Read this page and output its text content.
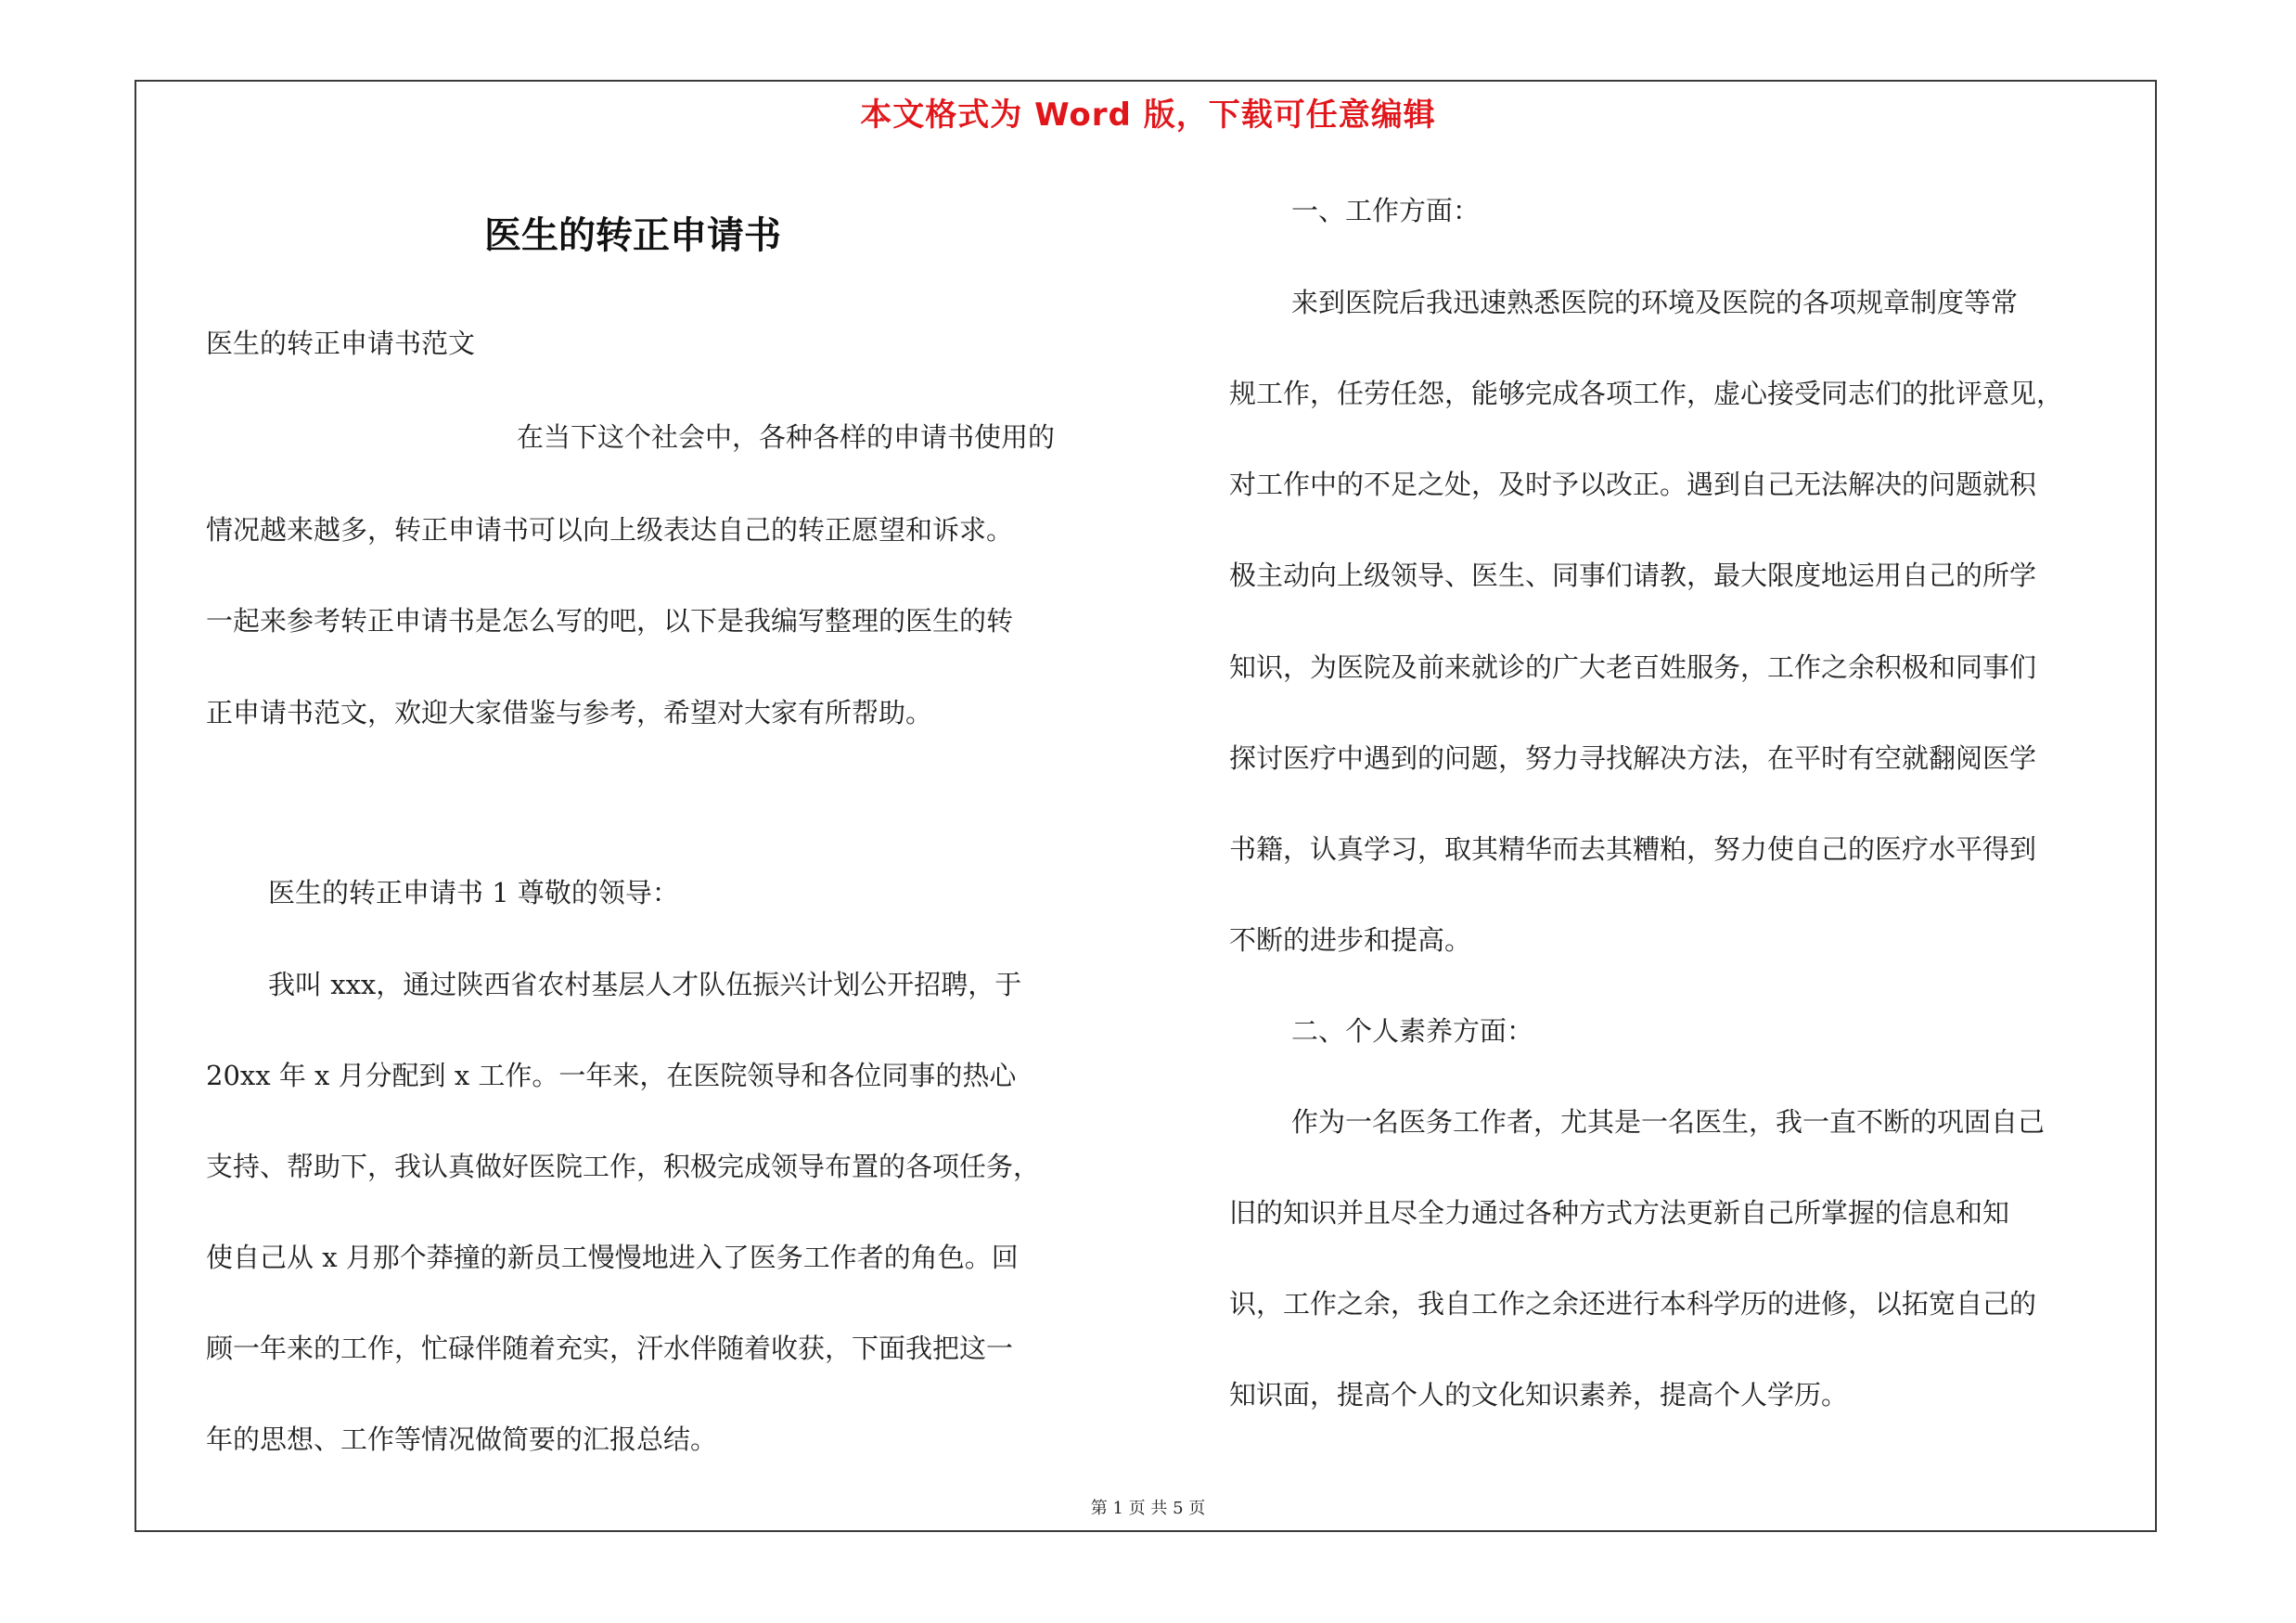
本文格式为 Word 版，下载可任意编辑
医生的转正申请书
医生的转正申请书范文
在当下这个社会中，各种各样的申请书使用的
情况越来越多，转正申请书可以向上级表达自己的转正愿望和诉求。
一起来参考转正申请书是怎么写的吧，以下是我编写整理的医生的转
正申请书范文，欢迎大家借鉴与参考，希望对大家有所帮助。
医生的转正申请书 1 尊敬的领导：
我叫 xxx，通过陕西省农村基层人才队伍振兴计划公开招聘，于
20xx 年 x 月分配到 x 工作。一年来，在医院领导和各位同事的热心
支持、帮助下，我认真做好医院工作，积极完成领导布置的各项任务，
使自己从 x 月那个莽撞的新员工慢慢地进入了医务工作者的角色。回
顾一年来的工作，忙碌伴随着充实，汗水伴随着收获，下面我把这一
年的思想、工作等情况做简要的汇报总结。
一、工作方面：
来到医院后我迅速熟悉医院的环境及医院的各项规章制度等常
规工作，任劳任怨，能够完成各项工作，虚心接受同志们的批评意见，
对工作中的不足之处，及时予以改正。遇到自己无法解决的问题就积
极主动向上级领导、医生、同事们请教，最大限度地运用自己的所学
知识，为医院及前来就诊的广大老百姓服务，工作之余积极和同事们
探讨医疗中遇到的问题，努力寻找解决方法，在平时有空就翻阅医学
书籍，认真学习，取其精华而去其糟粕，努力使自己的医疗水平得到
不断的进步和提高。
二、个人素养方面：
作为一名医务工作者，尤其是一名医生，我一直不断的巩固自己
旧的知识并且尽全力通过各种方式方法更新自己所掌握的信息和知
识，工作之余，我自工作之余还进行本科学历的进修，以拓宽自己的
知识面，提高个人的文化知识素养，提高个人学历。
第 1 页 共 5 页
